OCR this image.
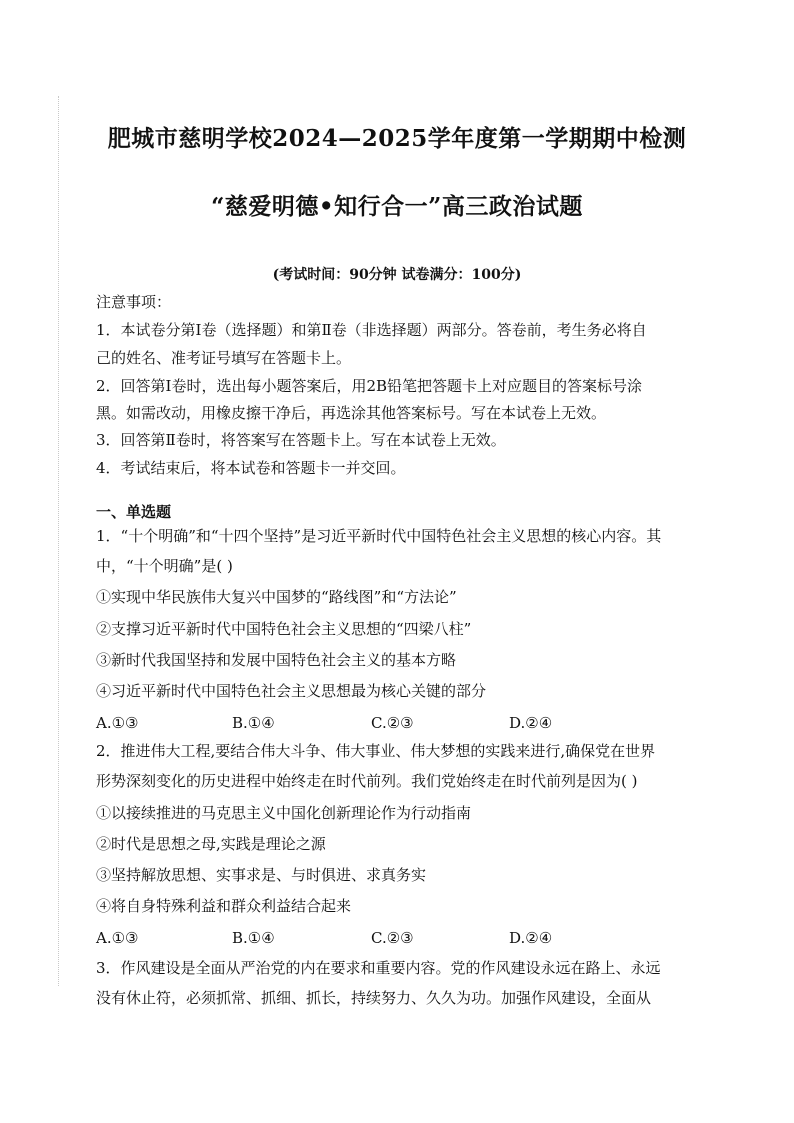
肥城市慈明学校2024—2025学年度第一学期期中检测
“慈爱明德•知行合一”高三政治试题
(考试时间：90分钟 试卷满分：100分)
注意事项：
1．本试卷分第Ⅰ卷（选择题）和第Ⅱ卷（非选择题）两部分。答卷前，考生务必将自
己的姓名、准考证号填写在答题卡上。
2．回答第Ⅰ卷时，选出每小题答案后，用2B铅笔把答题卡上对应题目的答案标号涂
黑。如需改动，用橡皮擦干净后，再选涂其他答案标号。写在本试卷上无效。
3．回答第Ⅱ卷时，将答案写在答题卡上。写在本试卷上无效。
4．考试结束后，将本试卷和答题卡一并交回。
一、单选题
1．“十个明确”和“十四个坚持”是习近平新时代中国特色社会主义思想的核心内容。其
中，“十个明确”是( )
①实现中华民族伟大复兴中国梦的“路线图”和“方法论”
②支撑习近平新时代中国特色社会主义思想的“四梁八柱”
③新时代我国坚持和发展中国特色社会主义的基本方略
④习近平新时代中国特色社会主义思想最为核心关键的部分
A.①③	B.①④	C.②③	D.②④
2．推进伟大工程,要结合伟大斗争、伟大事业、伟大梦想的实践来进行,确保党在世界
形势深刻变化的历史进程中始终走在时代前列。我们党始终走在时代前列是因为( )
①以接续推进的马克思主义中国化创新理论作为行动指南
②时代是思想之母,实践是理论之源
③坚持解放思想、实事求是、与时俱进、求真务实
④将自身特殊利益和群众利益结合起来
A.①③	B.①④	C.②③	D.②④
3．作风建设是全面从严治党的内在要求和重要内容。党的作风建设永远在路上、永远
没有休止符，必须抓常、抓细、抓长，持续努力、久久为功。加强作风建设，全面从
